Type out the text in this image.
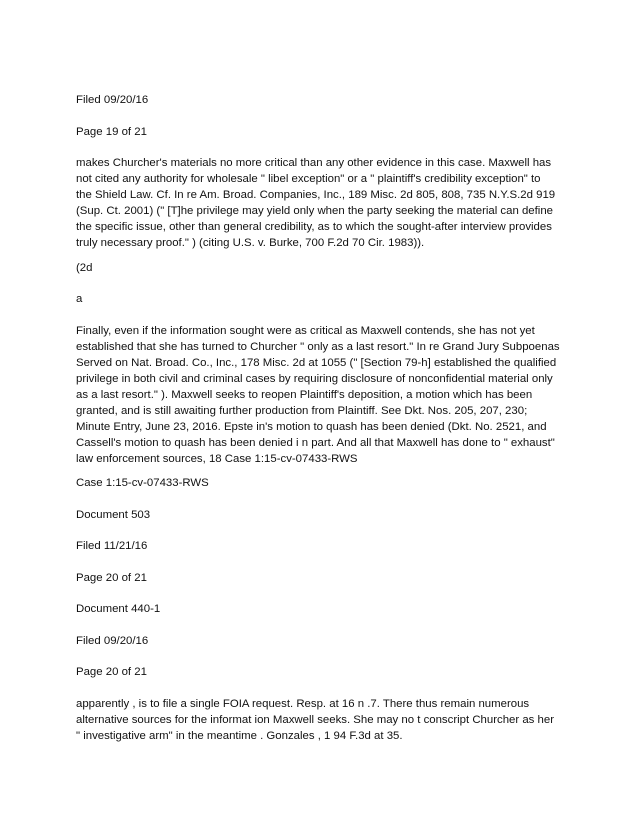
Filed 09/20/16
Page 19 of 21

makes Churcher's materials no more critical than any other evidence in this case. Maxwell has

not cited any authority for wholesale " libel exception" or a " plaintiff's credibility exception" to

the Shield Law. Cf. In re Am. Broad. Companies, Inc., 189 Misc. 2d 805, 808, 735 N.Y.S.2d 919

(Sup. Ct. 2001) (" [T]he privilege may yield only when the party seeking the material can define

the specific issue, other than general credibility, as to which the sought-after interview provides

truly necessary proof." ) (citing U.S. v. Burke, 700 F.2d 70 Cir. 1983)).

(2d
a

Finally, even if the information sought were as critical as Maxwell contends, she has not yet

established that she has turned to Churcher " only as a last resort." In re Grand Jury Subpoenas

Served on Nat. Broad. Co., Inc., 178 Misc. 2d at 1055 (" [Section 79-h] established the qualified

privilege in both civil and criminal cases by requiring disclosure of nonconfidential material only

as a last resort." ). Maxwell seeks to reopen Plaintiff's deposition, a motion which has been

granted, and is still awaiting further production from Plaintiff. See Dkt. Nos. 205, 207, 230;

Minute Entry, June 23, 2016. Epste in's motion to quash has been denied (Dkt. No. 2521, and

Cassell's motion to quash has been denied i n part. And all that Maxwell has done to " exhaust"

law enforcement sources, 18 Case 1:15-cv-07433-RWS

Case 1:15-cv-07433-RWS
Document 503
Filed 11/21/16
Page 20 of 21
Document 440-1
Filed 09/20/16
Page 20 of 21

apparently , is to file a single FOIA request. Resp. at 16 n .7. There thus remain numerous

alternative sources for the informat ion Maxwell seeks. She may no t conscript Churcher as her

" investigative arm" in the meantime . Gonzales , 1 94 F.3d at 35.
